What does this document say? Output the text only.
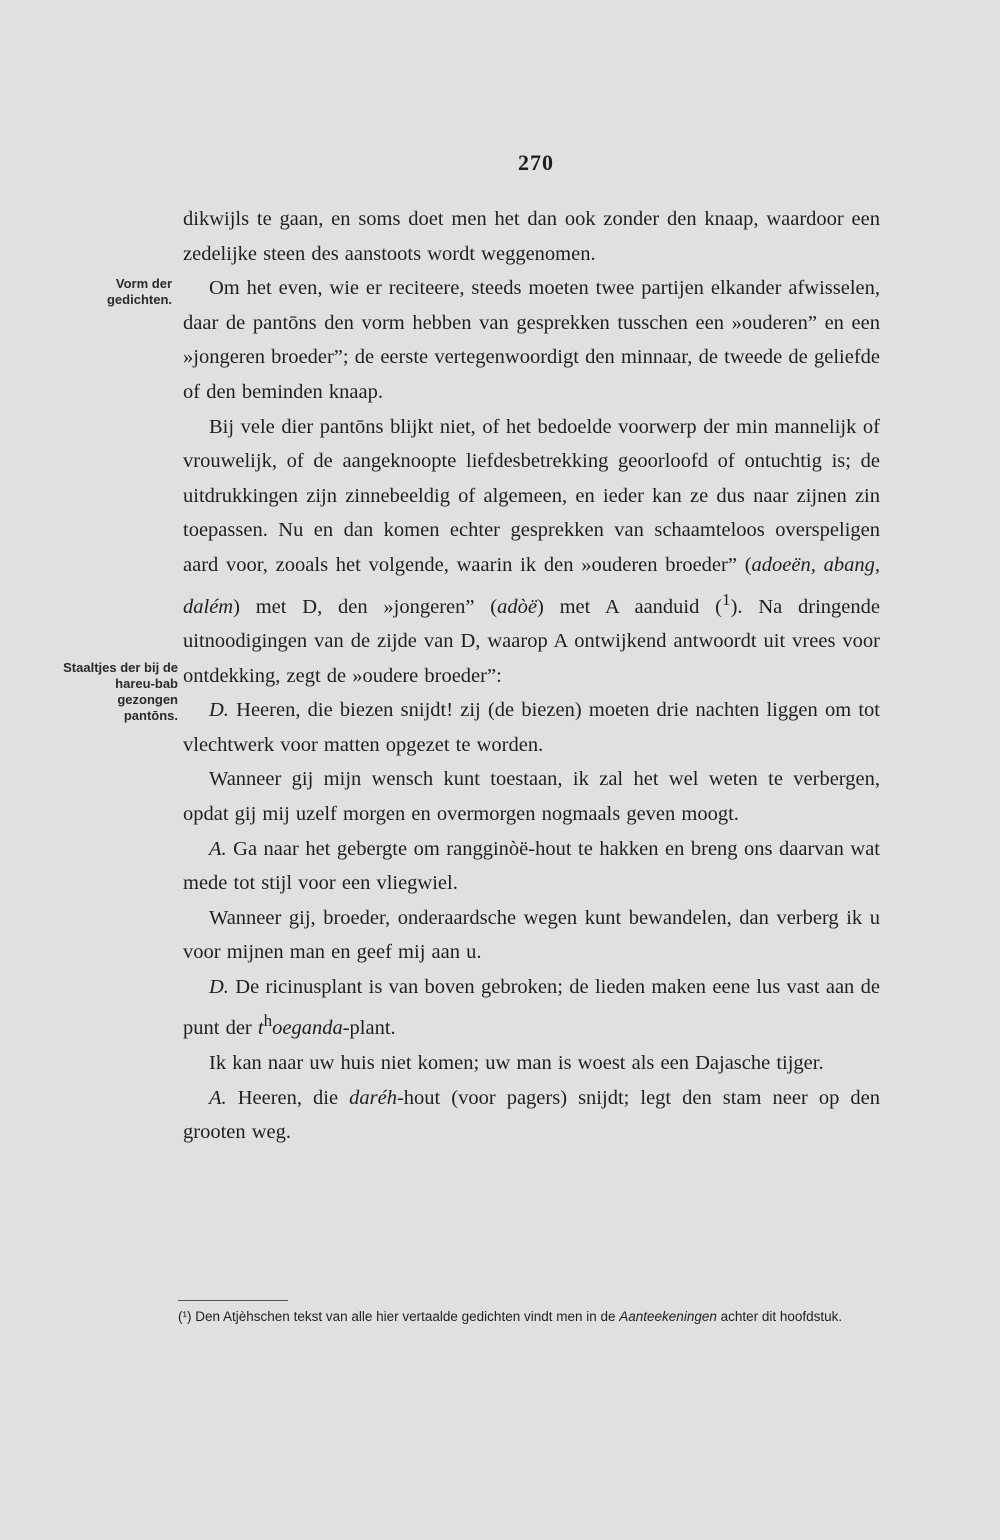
270
Vorm der gedichten.
Staaltjes der bij de hareu-bab gezongen pantōns.

dikwijls te gaan, en soms doet men het dan ook zonder den knaap, waardoor een zedelijke steen des aanstoots wordt weggenomen.

Om het even, wie er reciteere, steeds moeten twee partijen elkander afwisselen, daar de pantōns den vorm hebben van gesprekken tusschen een »ouderen” en een »jongeren broeder”; de eerste vertegenwoordigt den minnaar, de tweede de geliefde of den beminden knaap.

Bij vele dier pantōns blijkt niet, of het bedoelde voorwerp der min mannelijk of vrouwelijk, of de aangeknoopte liefdesbetrekking geoorloofd of ontuchtig is; de uitdrukkingen zijn zinnebeeldig of algemeen, en ieder kan ze dus naar zijnen zin toepassen. Nu en dan komen echter gesprekken van schaamteloos overspeligen aard voor, zooals het volgende, waarin ik den »ouderen broeder” (adoeën, abang, dalém) met D, den »jongeren” (adòë) met A aanduid ($^1$). Na dringende uitnoodigingen van de zijde van D, waarop A ontwijkend antwoordt uit vrees voor ontdekking, zegt de »oudere broeder”:

D. Heeren, die biezen snijdt! zij (de biezen) moeten drie nachten liggen om tot vlechtwerk voor matten opgezet te worden.

Wanneer gij mijn wensch kunt toestaan, ik zal het wel weten te verbergen, opdat gij mij uzelf morgen en overmorgen nogmaals geven moogt.

A. Ga naar het gebergte om rangginòë-hout te hakken en breng ons daarvan wat mede tot stijl voor een vliegwiel.

Wanneer gij, broeder, onderaardsche wegen kunt bewandelen, dan verberg ik u voor mijnen man en geef mij aan u.

D. De ricinusplant is van boven gebroken; de lieden maken eene lus vast aan de punt der $t^hoeganda$-plant.

Ik kan naar uw huis niet komen; uw man is woest als een Dajasche tijger.

A. Heeren, die daréh-hout (voor pagers) snijdt; legt den stam neer op den grooten weg.

(¹) Den Atjèhschen tekst van alle hier vertaalde gedichten vindt men in de Aanteekeningen achter dit hoofdstuk.
